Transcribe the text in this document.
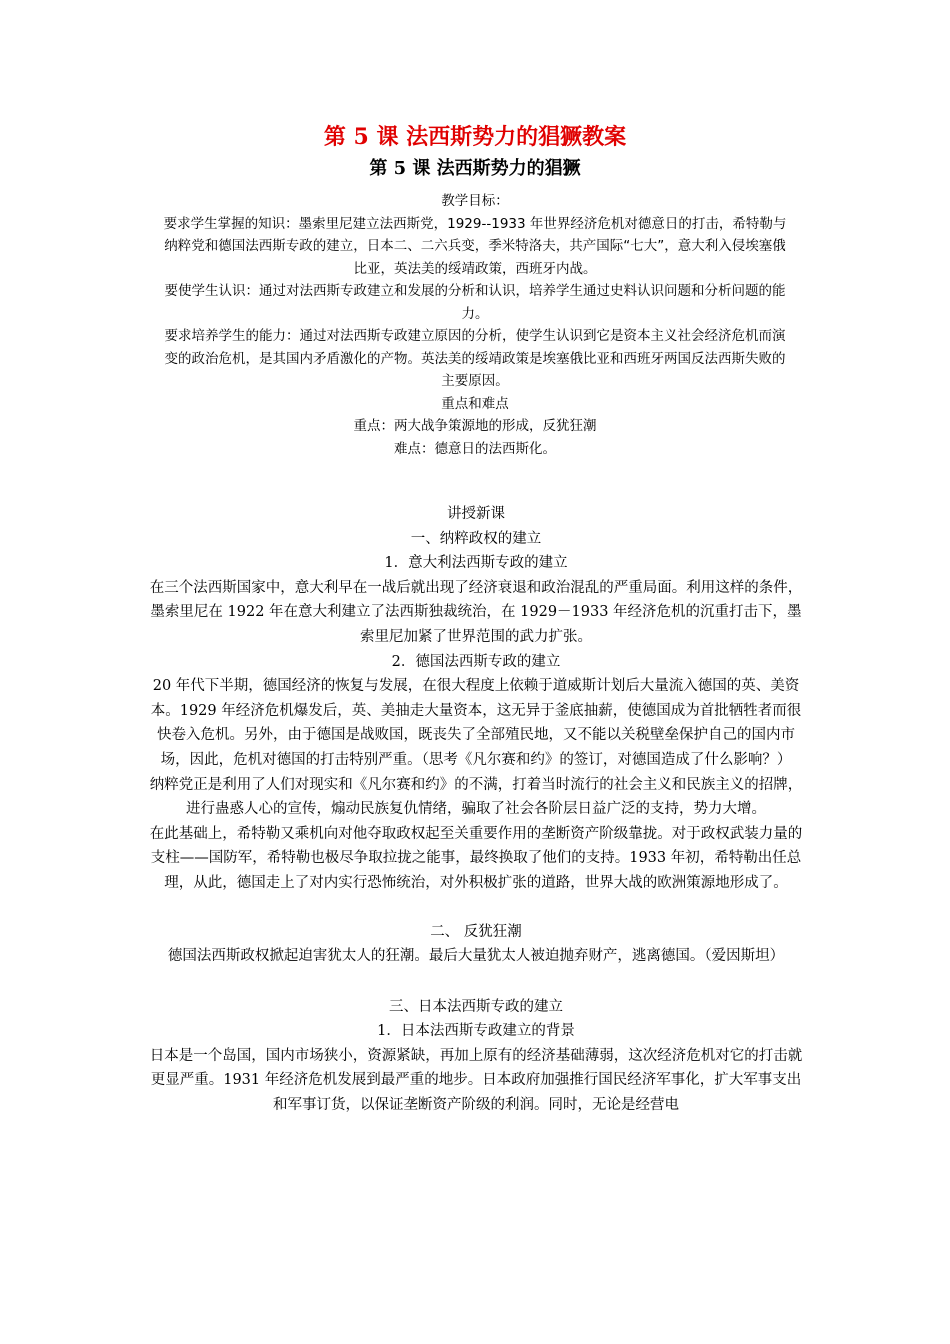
第 5 课 法西斯势力的猖獗教案
第 5 课 法西斯势力的猖獗

教学目标：

要求学生掌握的知识：墨索里尼建立法西斯党，1929--1933 年世界经济危机对德意日的打击，希特勒与纳粹党和德国法西斯专政的建立，日本二、二六兵变，季米特洛夫，共产国际“七大”，意大利入侵埃塞俄比亚，英法美的绥靖政策，西班牙内战。

要使学生认识：通过对法西斯专政建立和发展的分析和认识，培养学生通过史料认识问题和分析问题的能力。

要求培养学生的能力：通过对法西斯专政建立原因的分析，使学生认识到它是资本主义社会经济危机而演变的政治危机，是其国内矛盾激化的产物。英法美的绥靖政策是埃塞俄比亚和西班牙两国反法西斯失败的主要原因。

重点和难点

重点：两大战争策源地的形成，反犹狂潮

难点：德意日的法西斯化。

讲授新课

一、纳粹政权的建立

1．意大利法西斯专政的建立

在三个法西斯国家中，意大利早在一战后就出现了经济衰退和政治混乱的严重局面。利用这样的条件，墨索里尼在 1922 年在意大利建立了法西斯独裁统治，在 1929－1933 年经济危机的沉重打击下，墨索里尼加紧了世界范围的武力扩张。

2．德国法西斯专政的建立

20 年代下半期，德国经济的恢复与发展，在很大程度上依赖于道威斯计划后大量流入德国的英、美资本。1929 年经济危机爆发后，英、美抽走大量资本，这无异于釜底抽薪，使德国成为首批牺牲者而很快卷入危机。另外，由于德国是战败国，既丧失了全部殖民地，又不能以关税壁垒保护自己的国内市场，因此，危机对德国的打击特别严重。（思考《凡尔赛和约》的签订，对德国造成了什么影响？）

纳粹党正是利用了人们对现实和《凡尔赛和约》的不满，打着当时流行的社会主义和民族主义的招牌，进行蛊惑人心的宣传，煽动民族复仇情绪，骗取了社会各阶层日益广泛的支持，势力大增。

在此基础上，希特勒又乘机向对他夺取政权起至关重要作用的垄断资产阶级靠拢。对于政权武装力量的支柱——国防军，希特勒也极尽争取拉拢之能事，最终换取了他们的支持。1933 年初，希特勒出任总理，从此，德国走上了对内实行恐怖统治，对外积极扩张的道路，世界大战的欧洲策源地形成了。

二、 反犹狂潮

德国法西斯政权掀起迫害犹太人的狂潮。最后大量犹太人被迫抛弃财产，逃离德国。（爱因斯坦）

三、日本法西斯专政的建立

1．日本法西斯专政建立的背景

日本是一个岛国，国内市场狭小，资源紧缺，再加上原有的经济基础薄弱，这次经济危机对它的打击就更显严重。1931 年经济危机发展到最严重的地步。日本政府加强推行国民经济军事化，扩大军事支出和军事订货，以保证垄断资产阶级的利润。同时，无论是经营电
